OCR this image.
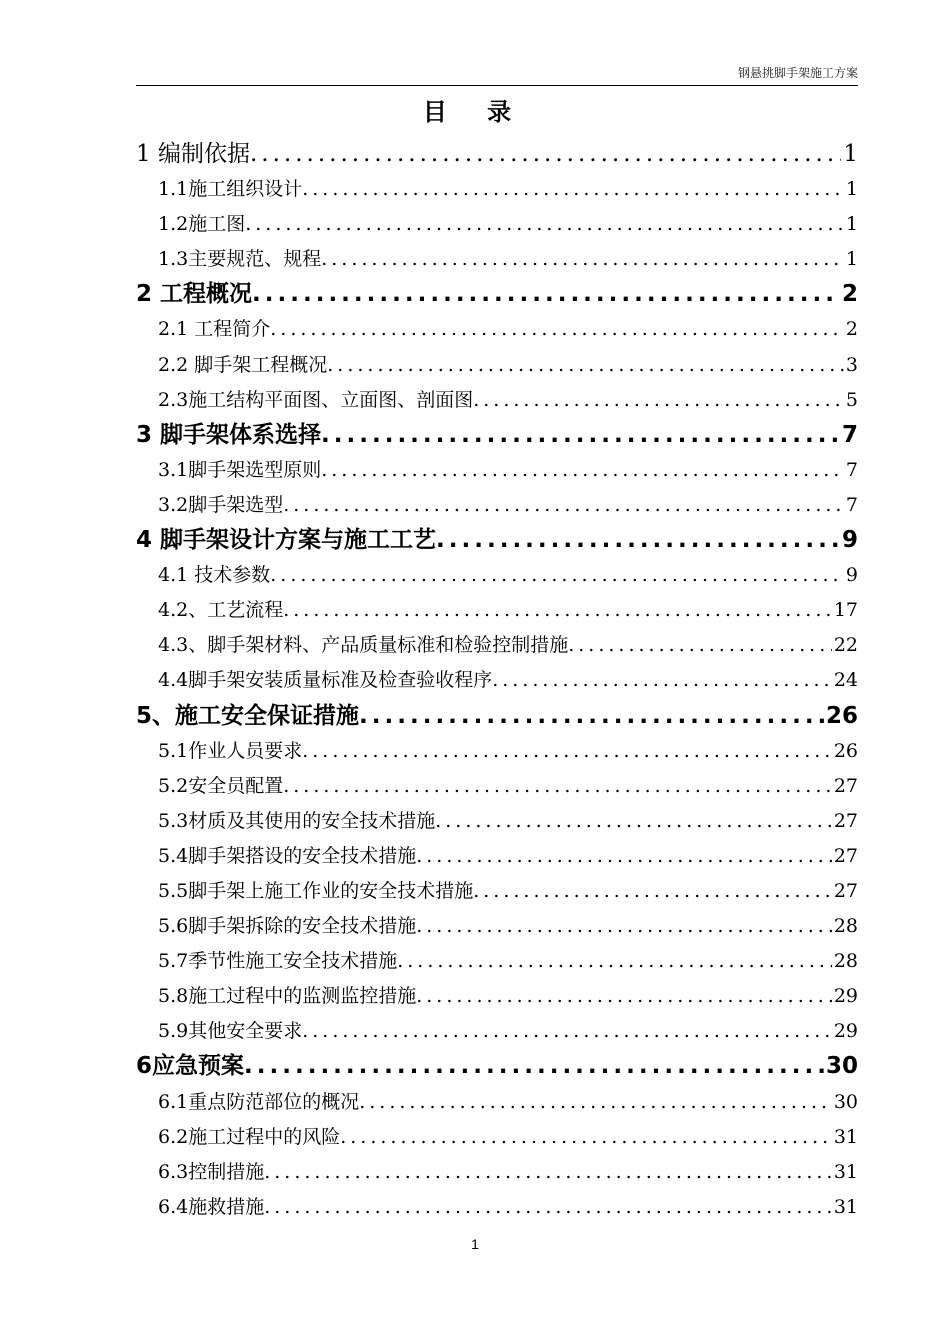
钢悬挑脚手架施工方案
目 录
1 编制依据 .....	1
1.1施工组织设计 .....	1
1.2施工图 .....	1
1.3主要规范、规程 .....	1
2 工程概况 .....	2
2.1 工程简介 .....	2
2.2 脚手架工程概况 .....	3
2.3施工结构平面图、立面图、剖面图 .....	5
3 脚手架体系选择 .....	7
3.1脚手架选型原则 .....	7
3.2脚手架选型 .....	7
4 脚手架设计方案与施工工艺 .....	9
4.1 技术参数 .....	9
4.2、工艺流程 .....	17
4.3、脚手架材料、产品质量标准和检验控制措施 .....	22
4.4脚手架安装质量标准及检查验收程序 .....	24
5、施工安全保证措施 .....	26
5.1作业人员要求 .....	26
5.2安全员配置 .....	27
5.3材质及其使用的安全技术措施 .....	27
5.4脚手架搭设的安全技术措施 .....	27
5.5脚手架上施工作业的安全技术措施 .....	27
5.6脚手架拆除的安全技术措施 .....	28
5.7季节性施工安全技术措施 .....	28
5.8施工过程中的监测监控措施 .....	29
5.9其他安全要求 .....	29
6应急预案 .....	30
6.1重点防范部位的概况 .....	30
6.2施工过程中的风险 .....	31
6.3控制措施 .....	31
6.4施救措施 .....	31
1
